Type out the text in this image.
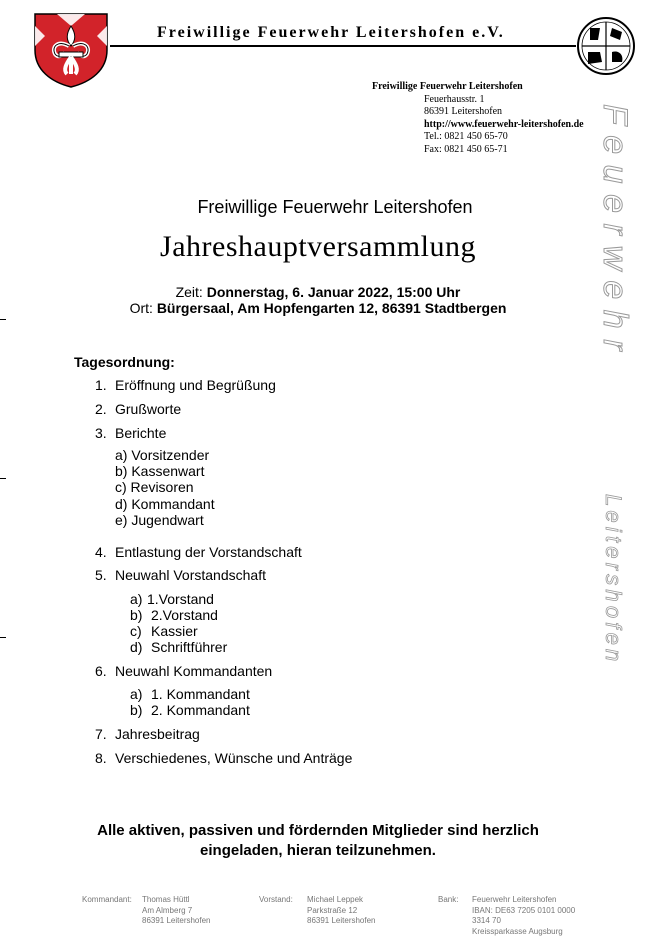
Freiwillige Feuerwehr Leitershofen e.V.
Freiwillige Feuerwehr Leitershofen
Feuerhausstr. 1
86391 Leitershofen
http://www.feuerwehr-leitershofen.de
Tel.: 0821 450 65-70
Fax: 0821 450 65-71	Feuerwehr
Leitershofen
Freiwillige Feuerwehr Leitershofen
Jahreshauptversammlung
Zeit: Donnerstag, 6. Januar 2022, 15:00 Uhr
Ort: Bürgersaal, Am Hopfengarten 12, 86391 Stadtbergen
Tagesordnung:
1. Eröffnung und Begrüßung
2. Grußworte
3. Berichte
a) Vorsitzender
b) Kassenwart
c) Revisoren
d) Kommandant
e) Jugendwart
4. Entlastung der Vorstandschaft
5. Neuwahl Vorstandschaft
a) 1.Vorstand
b) 2.Vorstand
c) Kassier
d) Schriftführer
6. Neuwahl Kommandanten
a) 1. Kommandant
b) 2. Kommandant
7. Jahresbeitrag
8. Verschiedenes, Wünsche und Anträge
Alle aktiven, passiven und fördernden Mitglieder sind herzlich
eingeladen, hieran teilzunehmen.
Kommandant: Thomas Hüttl
Am Almberg 7
86391 Leitershofen
Vorstand: Michael Leppek
Parkstraße 12
86391 Leitershofen
Bank: Feuerwehr Leitershofen
IBAN: DE63 7205 0101 0000
3314 70
Kreissparkasse Augsburg
